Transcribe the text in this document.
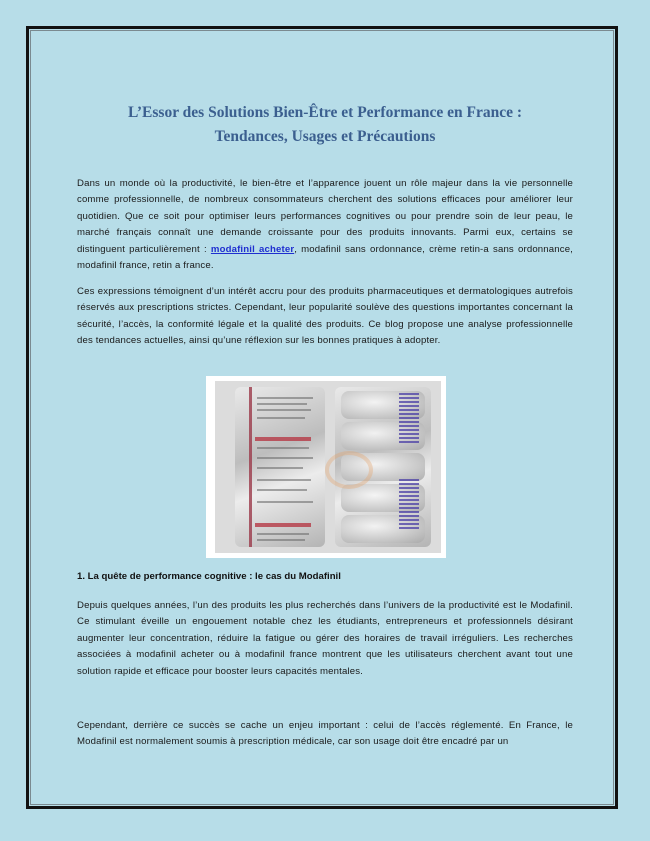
L’Essor des Solutions Bien-Être et Performance en France :
Tendances, Usages et Précautions

Dans un monde où la productivité, le bien-être et l’apparence jouent un rôle majeur dans la vie personnelle comme professionnelle, de nombreux consommateurs cherchent des solutions efficaces pour améliorer leur quotidien. Que ce soit pour optimiser leurs performances cognitives ou pour prendre soin de leur peau, le marché français connaît une demande croissante pour des produits innovants. Parmi eux, certains se distinguent particulièrement : modafinil acheter, modafinil sans ordonnance, crème retin-a sans ordonnance, modafinil france, retin a france.

Ces expressions témoignent d’un intérêt accru pour des produits pharmaceutiques et dermatologiques autrefois réservés aux prescriptions strictes. Cependant, leur popularité soulève des questions importantes concernant la sécurité, l’accès, la conformité légale et la qualité des produits. Ce blog propose une analyse professionnelle des tendances actuelles, ainsi qu’une réflexion sur les bonnes pratiques à adopter.

1. La quête de performance cognitive : le cas du Modafinil

Depuis quelques années, l’un des produits les plus recherchés dans l’univers de la productivité est le Modafinil. Ce stimulant éveille un engouement notable chez les étudiants, entrepreneurs et professionnels désirant augmenter leur concentration, réduire la fatigue ou gérer des horaires de travail irréguliers. Les recherches associées à modafinil acheter ou à modafinil france montrent que les utilisateurs cherchent avant tout une solution rapide et efficace pour booster leurs capacités mentales.

Cependant, derrière ce succès se cache un enjeu important : celui de l’accès réglementé. En France, le Modafinil est normalement soumis à prescription médicale, car son usage doit être encadré par un
